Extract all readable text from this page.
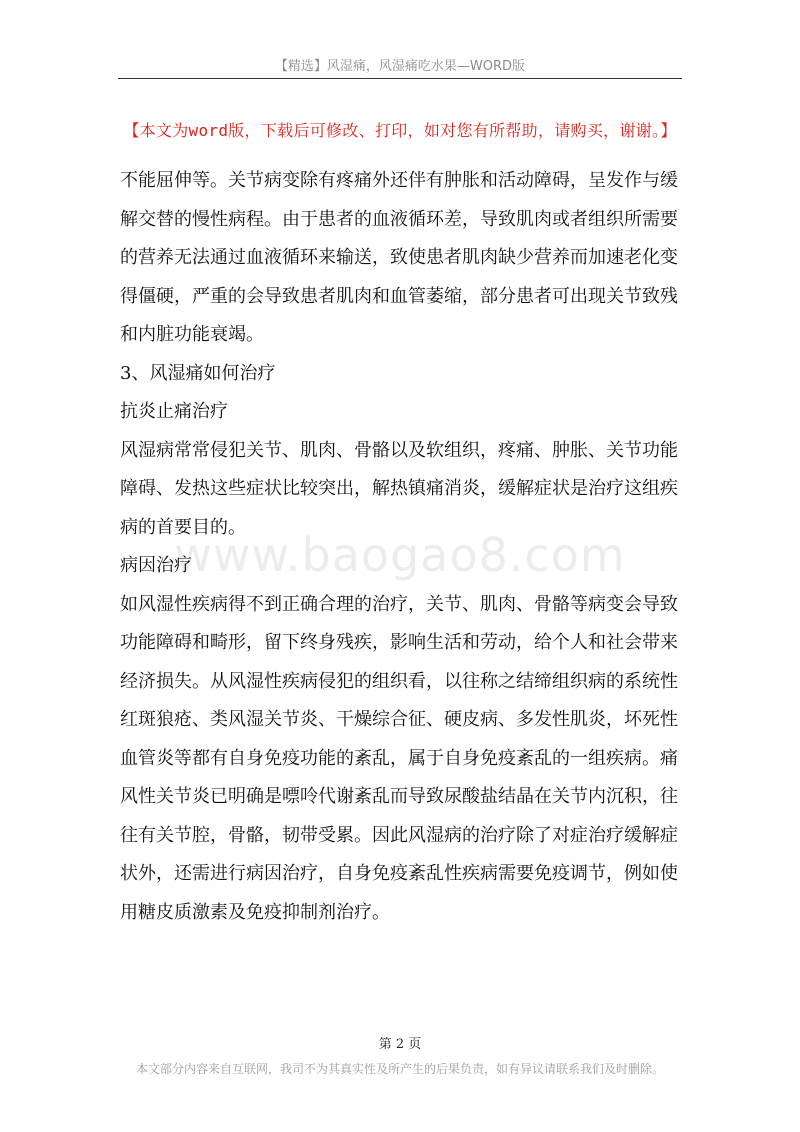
【精选】风湿痛，风湿痛吃水果—WORD版
【本文为word版，下载后可修改、打印，如对您有所帮助，请购买，谢谢。】
www.baogao8.com

不能屈伸等。关节病变除有疼痛外还伴有肿胀和活动障碍，呈发作与缓解交替的慢性病程。由于患者的血液循环差，导致肌肉或者组织所需要的营养无法通过血液循环来输送，致使患者肌肉缺少营养而加速老化变得僵硬，严重的会导致患者肌肉和血管萎缩，部分患者可出现关节致残和内脏功能衰竭。

3、风湿痛如何治疗

抗炎止痛治疗

风湿病常常侵犯关节、肌肉、骨骼以及软组织，疼痛、肿胀、关节功能障碍、发热这些症状比较突出，解热镇痛消炎，缓解症状是治疗这组疾病的首要目的。

病因治疗

如风湿性疾病得不到正确合理的治疗，关节、肌肉、骨骼等病变会导致功能障碍和畸形，留下终身残疾，影响生活和劳动，给个人和社会带来经济损失。从风湿性疾病侵犯的组织看，以往称之结缔组织病的系统性红斑狼疮、类风湿关节炎、干燥综合征、硬皮病、多发性肌炎，坏死性血管炎等都有自身免疫功能的紊乱，属于自身免疫紊乱的一组疾病。痛风性关节炎已明确是嘌呤代谢紊乱而导致尿酸盐结晶在关节内沉积，往往有关节腔，骨骼，韧带受累。因此风湿病的治疗除了对症治疗缓解症状外，还需进行病因治疗，自身免疫紊乱性疾病需要免疫调节，例如使用糖皮质激素及免疫抑制剂治疗。

第 2 页
本文部分内容来自互联网，我司不为其真实性及所产生的后果负责，如有异议请联系我们及时删除。
